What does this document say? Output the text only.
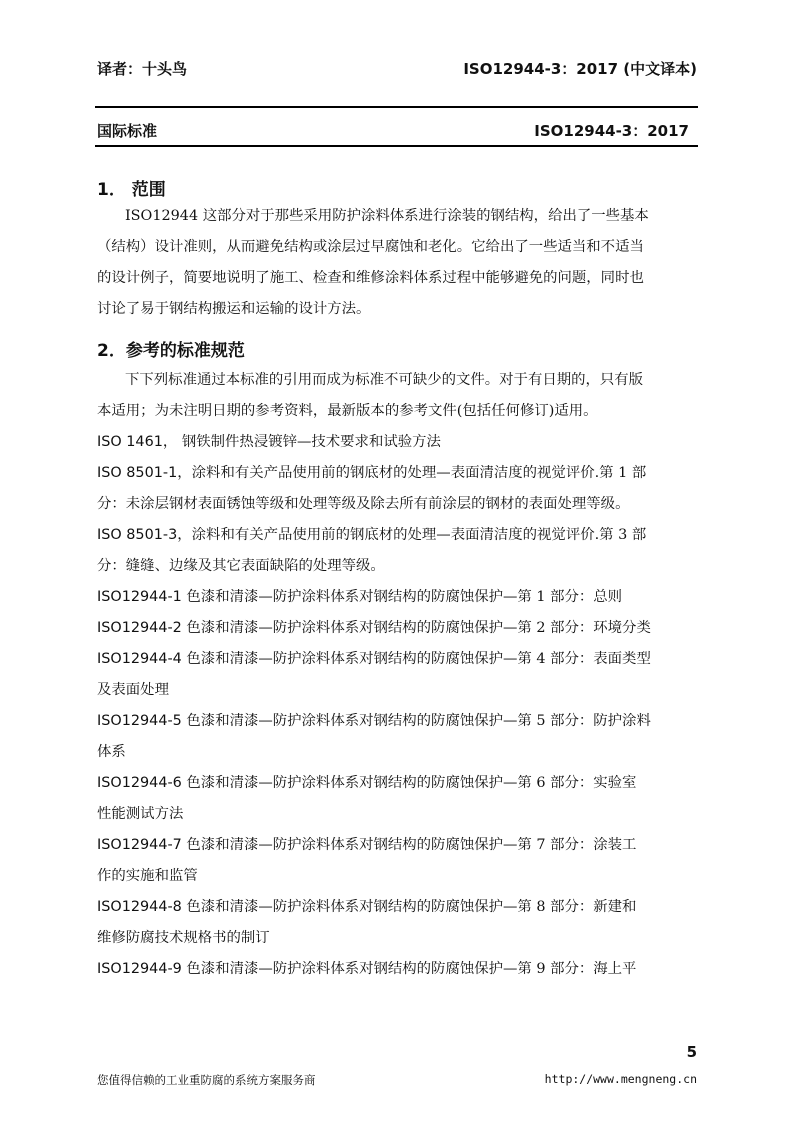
译者：十头鸟	ISO12944-3：2017 (中文译本)
国际标准	ISO12944-3：2017
1． 范围
ISO12944 这部分对于那些采用防护涂料体系进行涂装的钢结构，给出了一些基本
（结构）设计准则，从而避免结构或涂层过早腐蚀和老化。它给出了一些适当和不适当
的设计例子，简要地说明了施工、检查和维修涂料体系过程中能够避免的问题，同时也
讨论了易于钢结构搬运和运输的设计方法。
2．参考的标准规范
下下列标准通过本标准的引用而成为标准不可缺少的文件。对于有日期的，只有版
本适用；为未注明日期的参考资料，最新版本的参考文件(包括任何修订)适用。
ISO 1461， 钢铁制件热浸镀锌—技术要求和试验方法
ISO 8501-1，涂料和有关产品使用前的钢底材的处理—表面清洁度的视觉评价.第 1 部
分：未涂层钢材表面锈蚀等级和处理等级及除去所有前涂层的钢材的表面处理等级。
ISO 8501-3，涂料和有关产品使用前的钢底材的处理—表面清洁度的视觉评价.第 3 部
分：缝缝、边缘及其它表面缺陷的处理等级。
ISO12944-1 色漆和清漆—防护涂料体系对钢结构的防腐蚀保护—第 1 部分：总则
ISO12944-2 色漆和清漆—防护涂料体系对钢结构的防腐蚀保护—第 2 部分：环境分类
ISO12944-4 色漆和清漆—防护涂料体系对钢结构的防腐蚀保护—第 4 部分：表面类型
及表面处理
ISO12944-5 色漆和清漆—防护涂料体系对钢结构的防腐蚀保护—第 5 部分：防护涂料
体系
ISO12944-6 色漆和清漆—防护涂料体系对钢结构的防腐蚀保护—第 6 部分：实验室
性能测试方法
ISO12944-7 色漆和清漆—防护涂料体系对钢结构的防腐蚀保护—第 7 部分：涂装工
作的实施和监管
ISO12944-8 色漆和清漆—防护涂料体系对钢结构的防腐蚀保护—第 8 部分：新建和
维修防腐技术规格书的制订
ISO12944-9 色漆和清漆—防护涂料体系对钢结构的防腐蚀保护—第 9 部分：海上平
5
您值得信赖的工业重防腐的系统方案服务商	http://www.mengneng.cn
